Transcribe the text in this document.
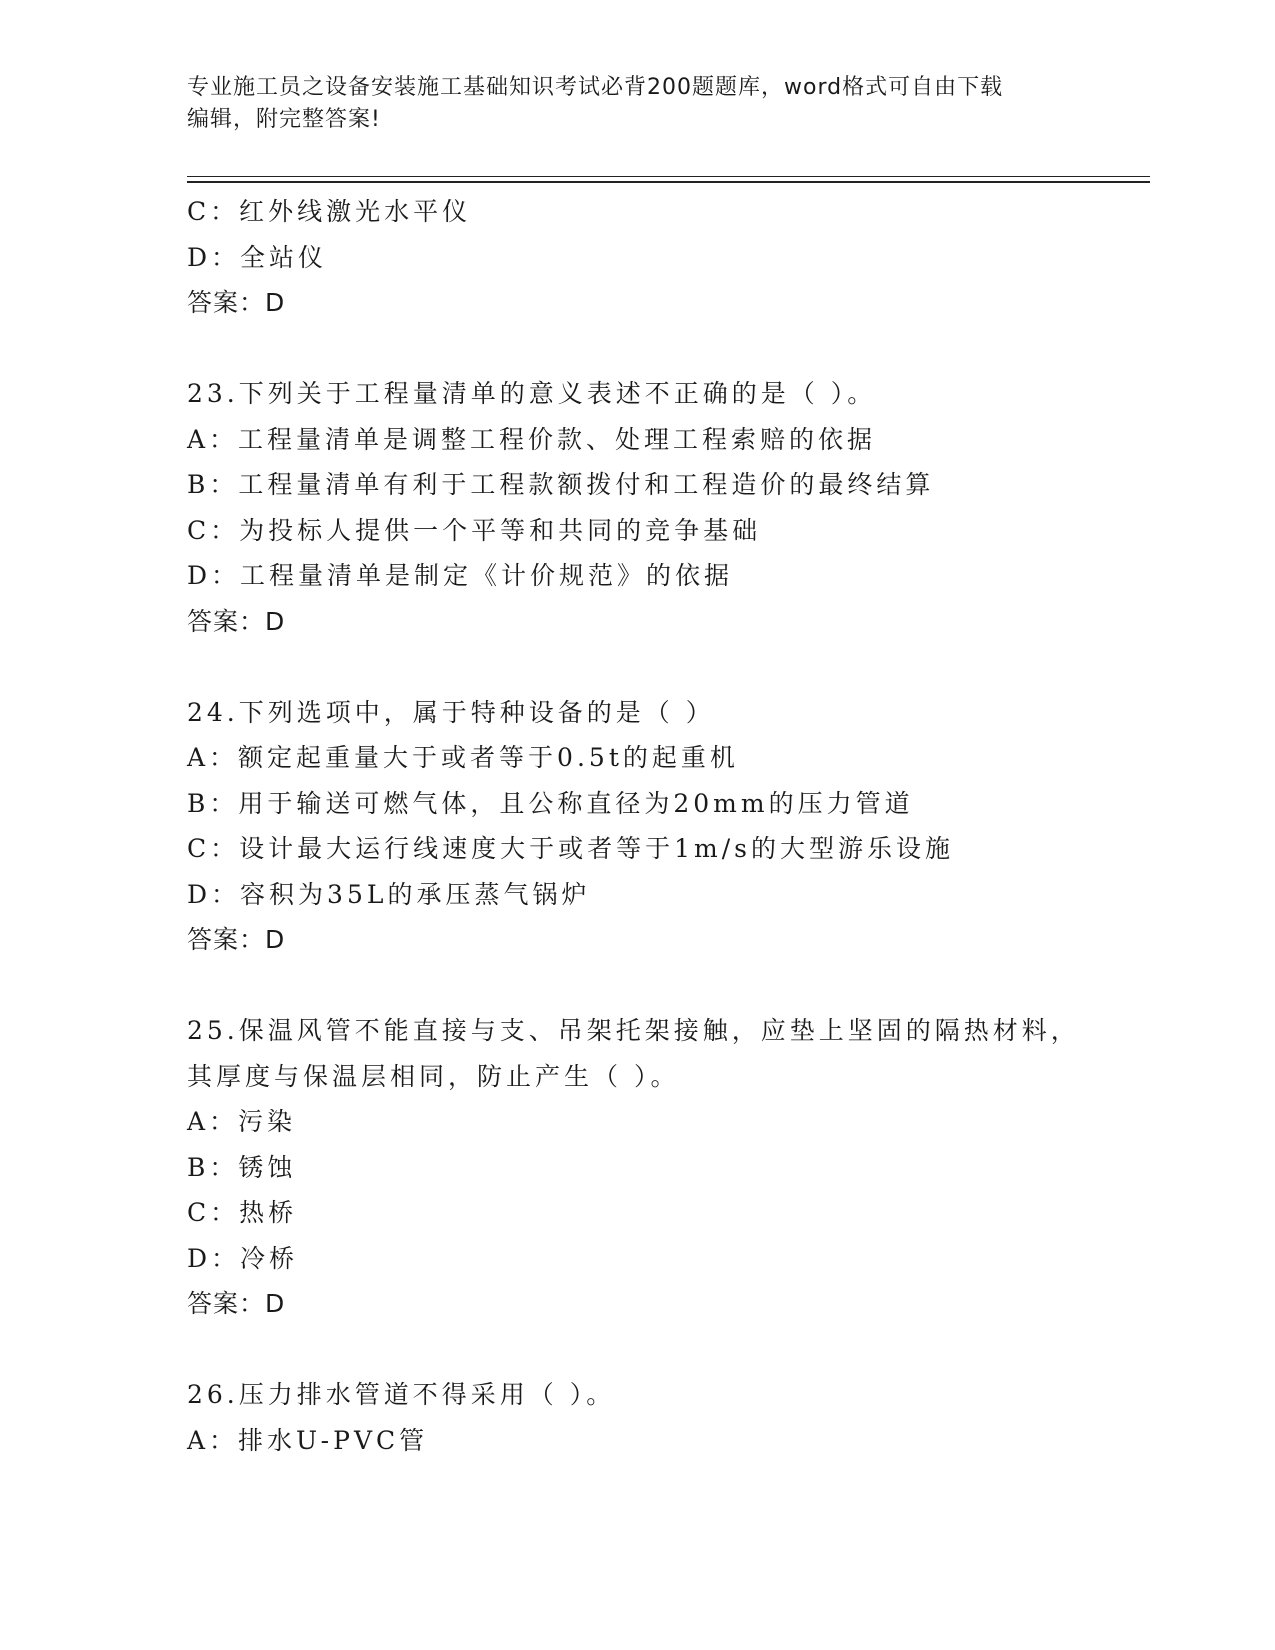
专业施工员之设备安装施工基础知识考试必背200题题库，word格式可自由下载
编辑，附完整答案!
C：红外线激光水平仪
D：全站仪
答案：D
23.下列关于工程量清单的意义表述不正确的是（ ）。
A：工程量清单是调整工程价款、处理工程索赔的依据
B：工程量清单有利于工程款额拨付和工程造价的最终结算
C：为投标人提供一个平等和共同的竞争基础
D：工程量清单是制定《计价规范》的依据
答案：D
24.下列选项中，属于特种设备的是（ ）
A：额定起重量大于或者等于0.5t的起重机
B：用于输送可燃气体，且公称直径为20mm的压力管道
C：设计最大运行线速度大于或者等于1m/s的大型游乐设施
D：容积为35L的承压蒸气锅炉
答案：D
25.保温风管不能直接与支、吊架托架接触，应垫上坚固的隔热材料，
其厚度与保温层相同，防止产生（ ）。
A：污染
B：锈蚀
C：热桥
D：冷桥
答案：D
26.压力排水管道不得采用（ ）。
A：排水U-PVC管
